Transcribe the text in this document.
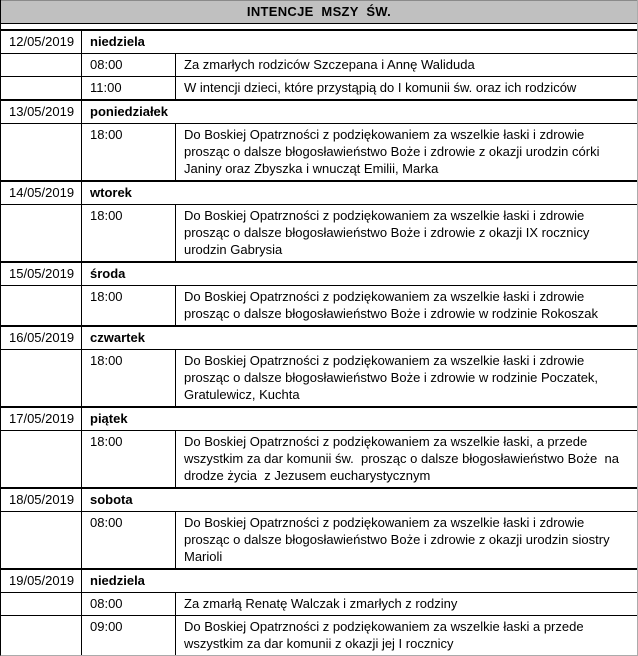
INTENCJE  MSZY  ŚW.
12/05/2019	niedziela
08:00	Za zmarłych rodziców Szczepana i Annę Waliduda
11:00	W intencji dzieci, które przystąpią do I komunii św. oraz ich rodziców
13/05/2019	poniedziałek
18:00	Do Boskiej Opatrzności z podziękowaniem za wszelkie łaski i zdrowie prosząc o dalsze błogosławieństwo Boże i zdrowie z okazji urodzin córki Janiny oraz Zbyszka i wnucząt Emilii, Marka
14/05/2019	wtorek
18:00	Do Boskiej Opatrzności z podziękowaniem za wszelkie łaski i zdrowie prosząc o dalsze błogosławieństwo Boże i zdrowie z okazji IX rocznicy urodzin Gabrysia
15/05/2019	środa
18:00	Do Boskiej Opatrzności z podziękowaniem za wszelkie łaski i zdrowie prosząc o dalsze błogosławieństwo Boże i zdrowie w rodzinie Rokoszak
16/05/2019	czwartek
18:00	Do Boskiej Opatrzności z podziękowaniem za wszelkie łaski i zdrowie prosząc o dalsze błogosławieństwo Boże i zdrowie w rodzinie Poczatek, Gratulewicz, Kuchta
17/05/2019	piątek
18:00	Do Boskiej Opatrzności z podziękowaniem za wszelkie łaski, a przede wszystkim za dar komunii św.  prosząc o dalsze błogosławieństwo Boże  na drodze życia  z Jezusem eucharystycznym
18/05/2019	sobota
08:00	Do Boskiej Opatrzności z podziękowaniem za wszelkie łaski i zdrowie prosząc o dalsze błogosławieństwo Boże i zdrowie z okazji urodzin siostry Marioli
19/05/2019	niedziela
08:00	Za zmarłą Renatę Walczak i zmarłych z rodziny
09:00	Do Boskiej Opatrzności z podziękowaniem za wszelkie łaski a przede wszystkim za dar komunii z okazji jej I rocznicy
